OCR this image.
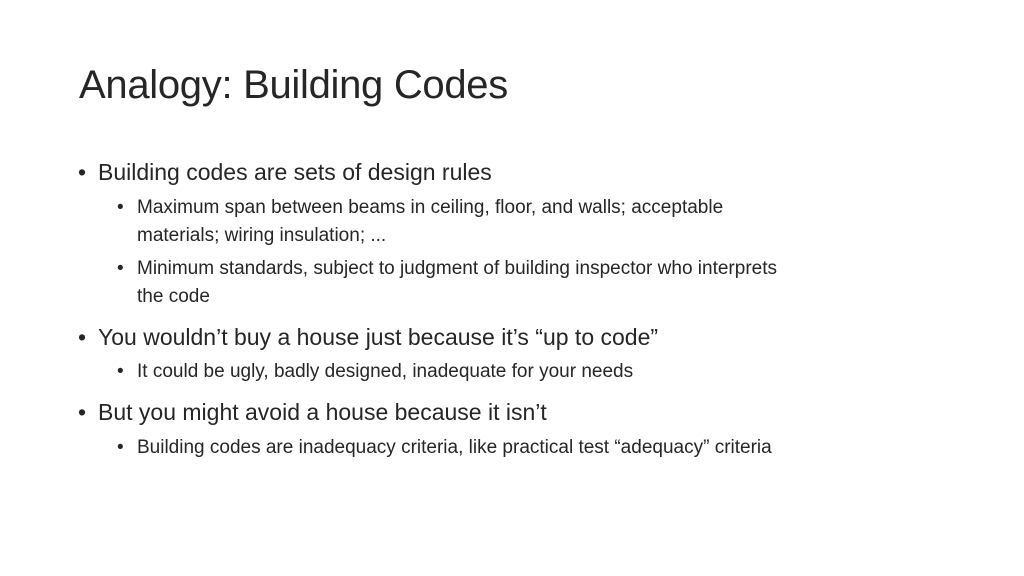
Analogy: Building Codes
• Building codes are sets of design rules
• Maximum span between beams in ceiling, floor, and walls; acceptable
materials; wiring insulation; ...
• Minimum standards, subject to judgment of building inspector who interprets
the code
• You wouldn’t buy a house just because it’s “up to code”
• It could be ugly, badly designed, inadequate for your needs
• But you might avoid a house because it isn’t
• Building codes are inadequacy criteria, like practical test “adequacy” criteria
